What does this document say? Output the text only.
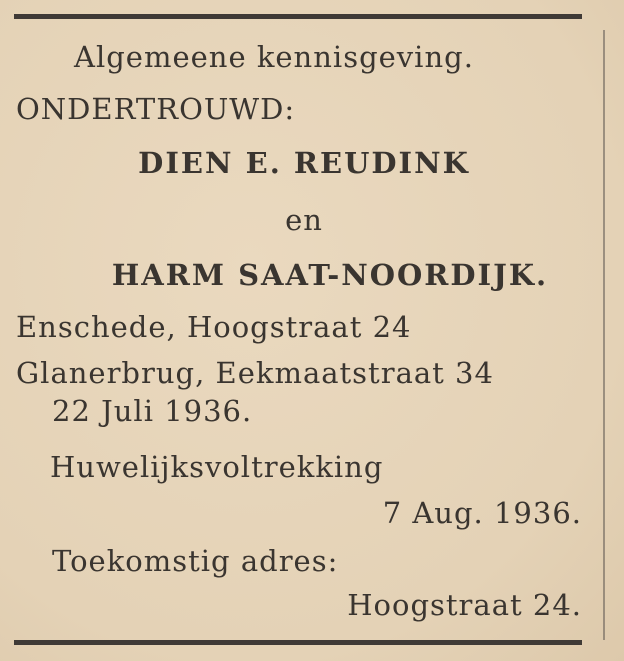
Algemeene kennisgeving.
ONDERTROUWD:
DIEN E. REUDINK
en
HARM SAAT-NOORDIJK.
Enschede, Hoogstraat 24
Glanerbrug, Eekmaatstraat 34
22 Juli 1936.
Huwelijksvoltrekking
7 Aug. 1936.
Toekomstig adres:
Hoogstraat 24.
